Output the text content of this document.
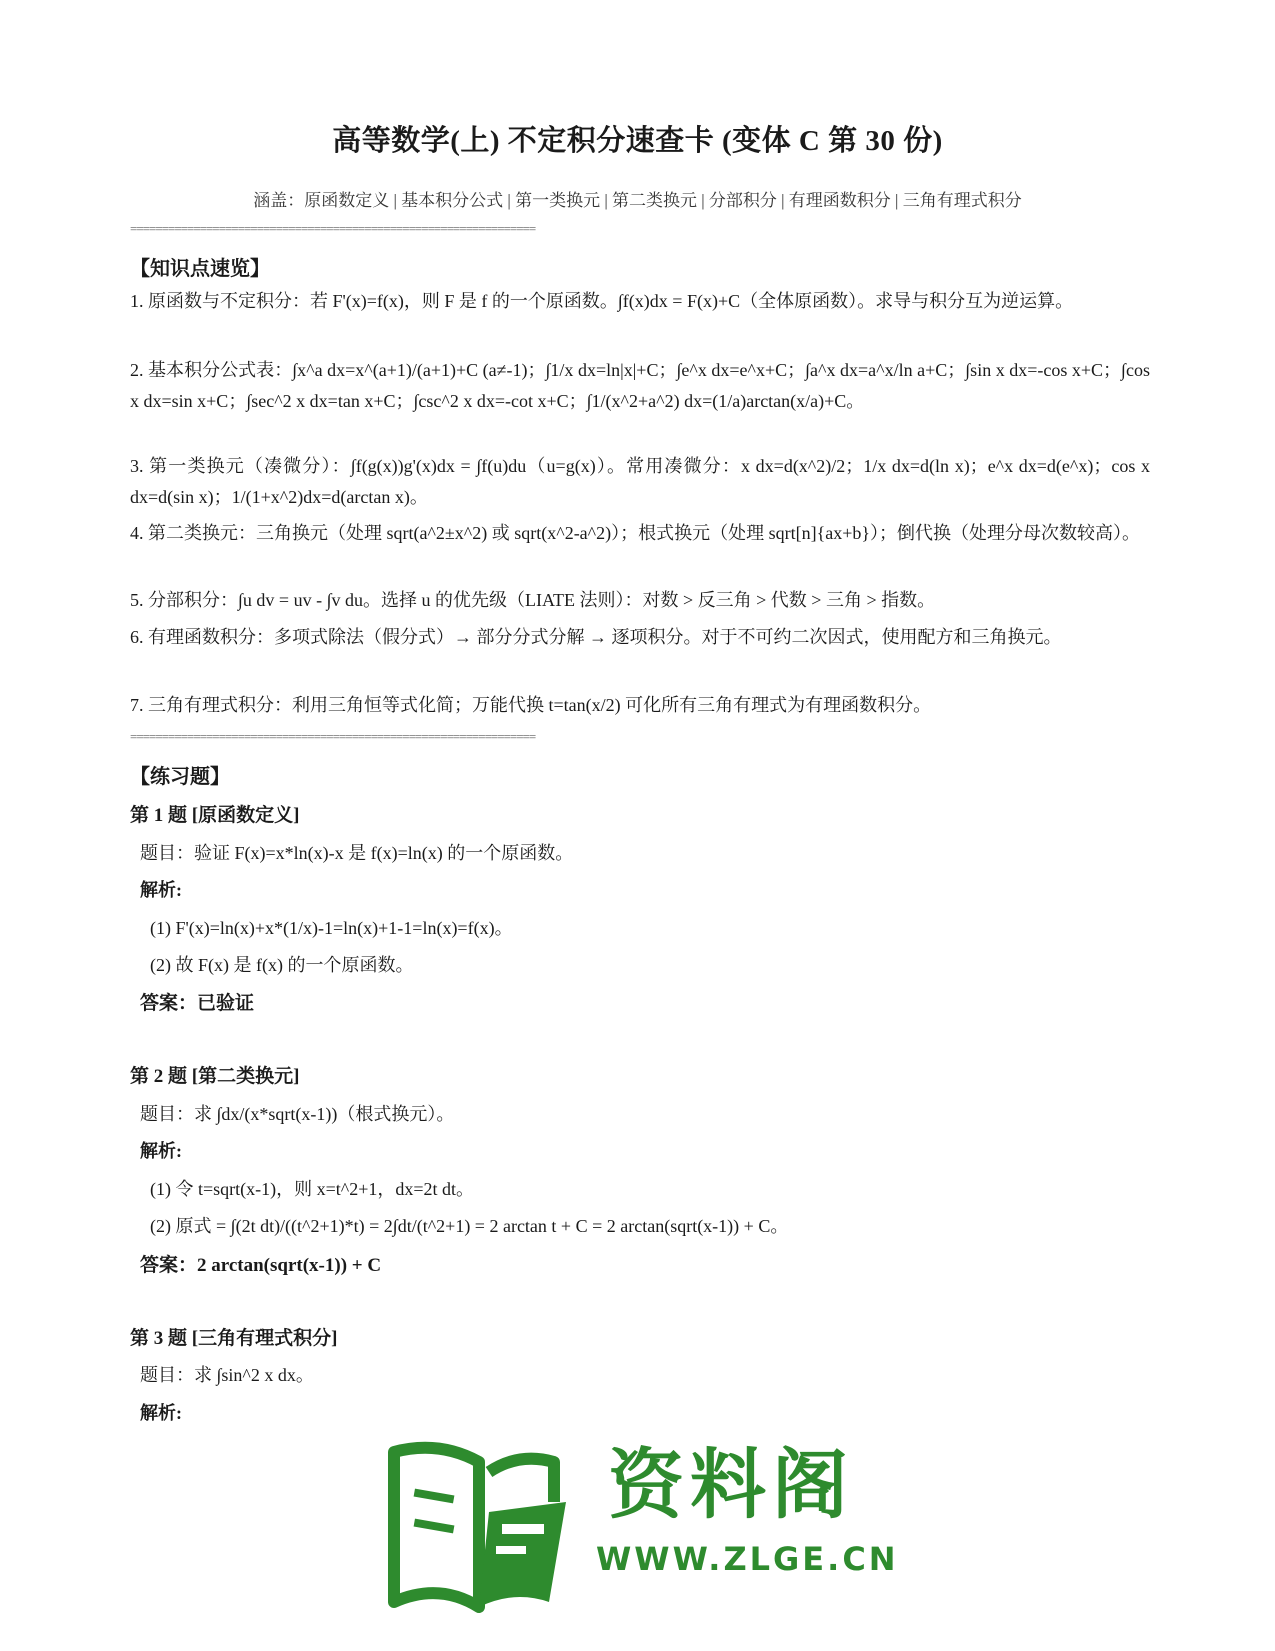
高等数学(上) 不定积分速查卡 (变体 C 第 30 份)
涵盖：原函数定义 | 基本积分公式 | 第一类换元 | 第二类换元 | 分部积分 | 有理函数积分 | 三角有理式积分
================================================================
【知识点速览】
1. 原函数与不定积分：若 F'(x)=f(x)，则 F 是 f 的一个原函数。∫f(x)dx = F(x)+C（全体原函数）。求导与积分互为逆运算。
2. 基本积分公式表：∫x^a dx=x^(a+1)/(a+1)+C (a≠-1)；∫1/x dx=ln|x|+C；∫e^x dx=e^x+C；∫a^x dx=a^x/ln a+C；∫sin x dx=-cos x+C；∫cos x dx=sin x+C；∫sec^2 x dx=tan x+C；∫csc^2 x dx=-cot x+C；∫1/(x^2+a^2) dx=(1/a)arctan(x/a)+C。
3. 第一类换元（凑微分）：∫f(g(x))g'(x)dx = ∫f(u)du（u=g(x)）。常用凑微分：x dx=d(x^2)/2；1/x dx=d(ln x)；e^x dx=d(e^x)；cos x dx=d(sin x)；1/(1+x^2)dx=d(arctan x)。
4. 第二类换元：三角换元（处理 sqrt(a^2±x^2) 或 sqrt(x^2-a^2)）；根式换元（处理 sqrt[n]{ax+b}）；倒代换（处理分母次数较高）。
5. 分部积分：∫u dv = uv - ∫v du。选择 u 的优先级（LIATE 法则）：对数 > 反三角 > 代数 > 三角 > 指数。
6. 有理函数积分：多项式除法（假分式）→ 部分分式分解 → 逐项积分。对于不可约二次因式，使用配方和三角换元。
7. 三角有理式积分：利用三角恒等式化简；万能代换 t=tan(x/2) 可化所有三角有理式为有理函数积分。
================================================================
【练习题】
第 1 题 [原函数定义]
题目：验证 F(x)=x*ln(x)-x 是 f(x)=ln(x) 的一个原函数。
解析:
(1) F'(x)=ln(x)+x*(1/x)-1=ln(x)+1-1=ln(x)=f(x)。
(2) 故 F(x) 是 f(x) 的一个原函数。
答案：已验证
第 2 题 [第二类换元]
题目：求 ∫dx/(x*sqrt(x-1))（根式换元）。
解析:
(1) 令 t=sqrt(x-1)，则 x=t^2+1，dx=2t dt。
(2) 原式 = ∫(2t dt)/((t^2+1)*t) = 2∫dt/(t^2+1) = 2 arctan t + C = 2 arctan(sqrt(x-1)) + C。
答案：2 arctan(sqrt(x-1)) + C
第 3 题 [三角有理式积分]
题目：求 ∫sin^2 x dx。
解析:
资料阁
WWW.ZLGE.CN
